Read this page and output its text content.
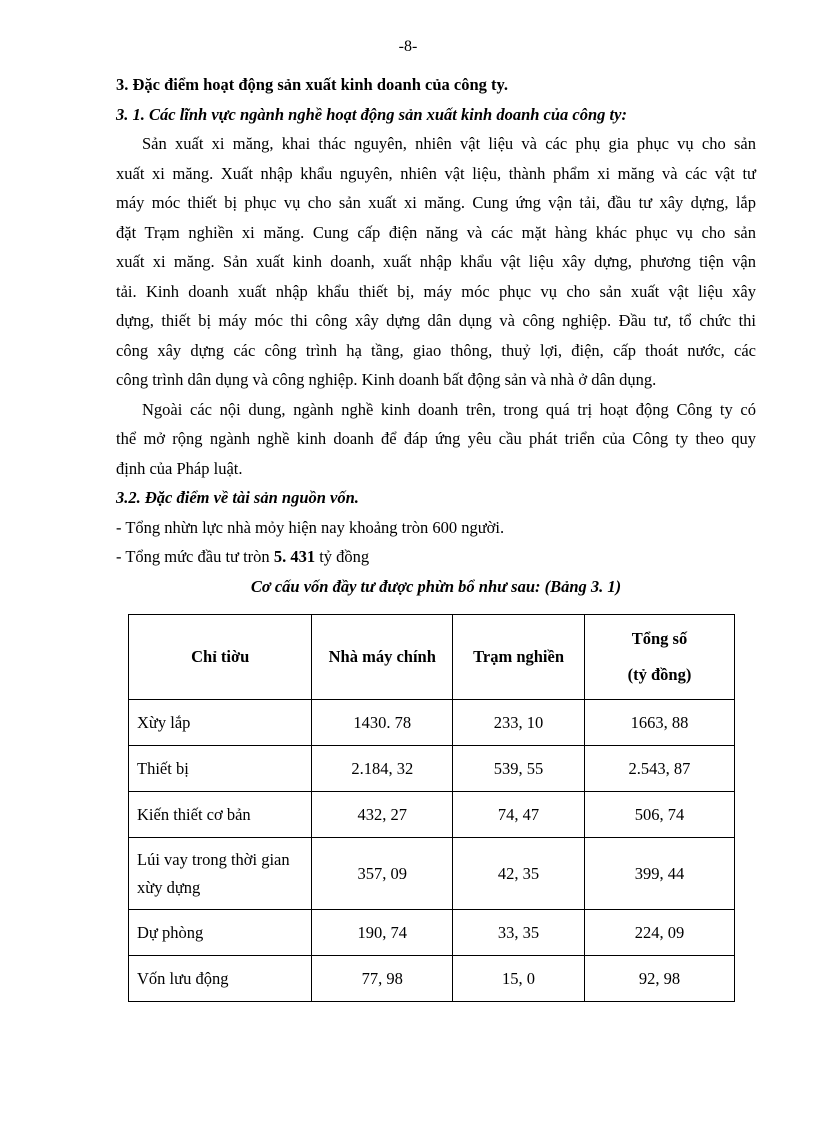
-8-
3. Đặc điểm hoạt động sản xuất kinh doanh của công ty.
3. 1. Các lĩnh vực ngành nghề hoạt động sản xuất kinh doanh của công ty:
Sản xuất xi măng, khai thác nguyên, nhiên vật liệu và các phụ gia phục vụ cho sản
xuất xi măng. Xuất nhập khẩu nguyên, nhiên vật liệu, thành phẩm xi măng và các vật tư
máy móc thiết bị phục vụ cho sản xuất xi măng. Cung ứng vận tải, đầu tư xây dựng, lắp
đặt Trạm nghiền xi măng. Cung cấp điện năng và các mặt hàng khác phục vụ cho sản
xuất xi măng. Sản xuất kinh doanh, xuất nhập khẩu vật liệu xây dựng, phương tiện vận
tải. Kinh doanh xuất nhập khẩu thiết bị, máy móc phục vụ cho sản xuất vật liệu xây
dựng, thiết bị máy móc thi công xây dựng dân dụng và công nghiệp. Đầu tư, tổ chức thi
công xây dựng các công trình hạ tầng, giao thông, thuỷ lợi, điện, cấp thoát nước, các
công trình dân dụng và công nghiệp. Kinh doanh bất động sản và nhà ở dân dụng.
Ngoài các nội dung, ngành nghề kinh doanh trên, trong quá trị hoạt động Công ty có
thể mở rộng ngành nghề kinh doanh để đáp ứng yêu cầu phát triển của Công ty theo quy
định của Pháp luật.
3.2. Đặc điểm về tài sản nguồn vốn.
- Tổng nhừn lực nhà mỏy hiện nay khoảng tròn 600 người.
- Tổng mức đầu tư tròn 5. 431 tỷ đồng
Cơ cấu vốn đầy tư được phừn bổ như sau: (Bảng 3. 1)
Chỉ tiờu	Nhà máy chính	Trạm nghiền	Tổng số
(tỷ đồng)

Xừy lắp	1430. 78	233, 10	1663, 88
Thiết bị	2.184, 32	539, 55	2.543, 87
Kiến thiết cơ bản	432, 27	74, 47	506, 74

Lúi vay trong thời gian
xừy dựng	357, 09	42, 35	399, 44
Dự phòng	190, 74	33, 35	224, 09
Vốn lưu động	77, 98	15, 0	92, 98
